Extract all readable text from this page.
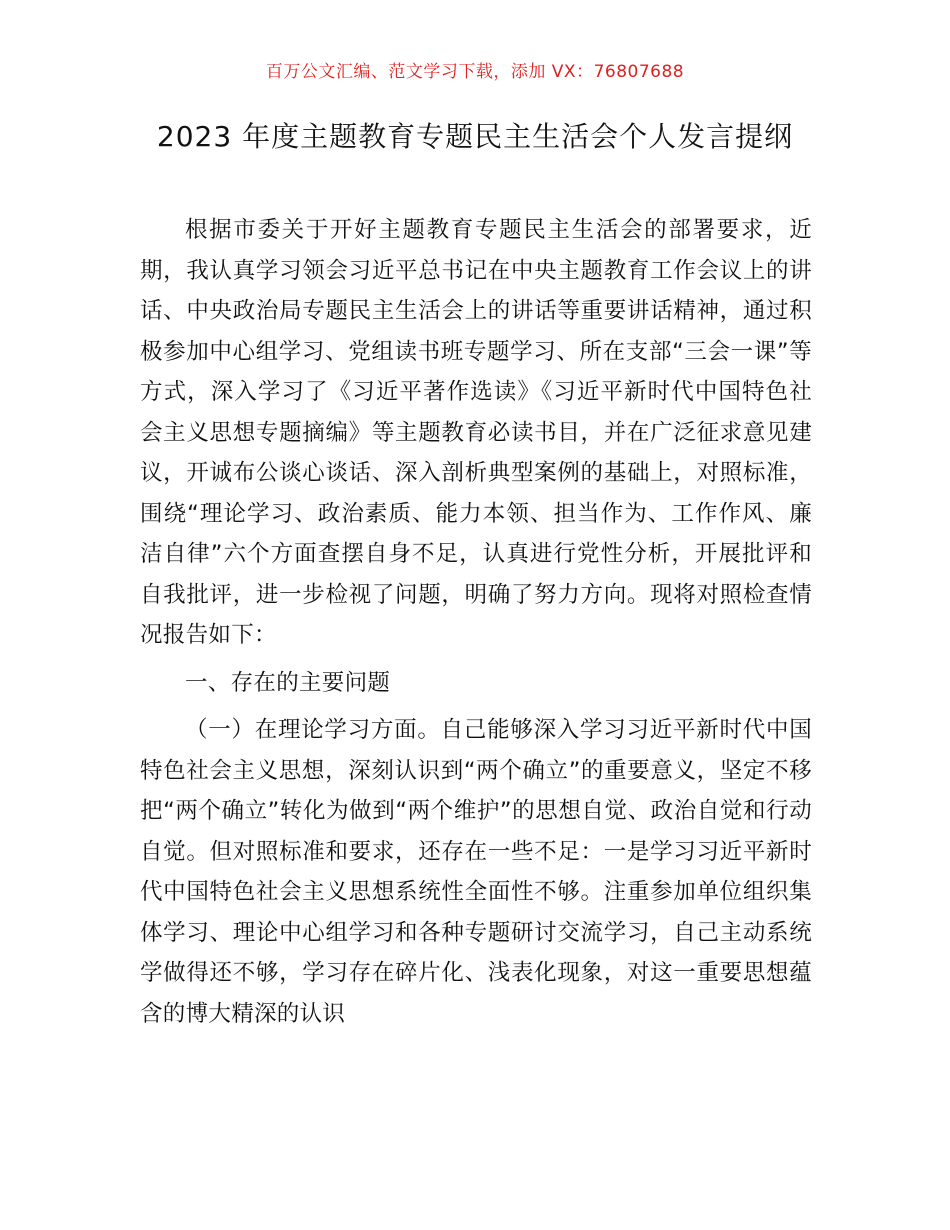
百万公文汇编、范文学习下载，添加 VX：76807688
2023 年度主题教育专题民主生活会个人发言提纲

根据市委关于开好主题教育专题民主生活会的部署要求，近期，我认真学习领会习近平总书记在中央主题教育工作会议上的讲话、中央政治局专题民主生活会上的讲话等重要讲话精神，通过积极参加中心组学习、党组读书班专题学习、所在支部“三会一课”等方式，深入学习了《习近平著作选读》《习近平新时代中国特色社会主义思想专题摘编》等主题教育必读书目，并在广泛征求意见建议，开诚布公谈心谈话、深入剖析典型案例的基础上，对照标准，围绕“理论学习、政治素质、能力本领、担当作为、工作作风、廉洁自律”六个方面查摆自身不足，认真进行党性分析，开展批评和自我批评，进一步检视了问题，明确了努力方向。现将对照检查情况报告如下：

一、存在的主要问题

（一）在理论学习方面。自己能够深入学习习近平新时代中国特色社会主义思想，深刻认识到“两个确立”的重要意义，坚定不移把“两个确立”转化为做到“两个维护”的思想自觉、政治自觉和行动自觉。但对照标准和要求，还存在一些不足：一是学习习近平新时代中国特色社会主义思想系统性全面性不够。注重参加单位组织集体学习、理论中心组学习和各种专题研讨交流学习，自己主动系统学做得还不够，学习存在碎片化、浅表化现象，对这一重要思想蕴含的博大精深的认识
